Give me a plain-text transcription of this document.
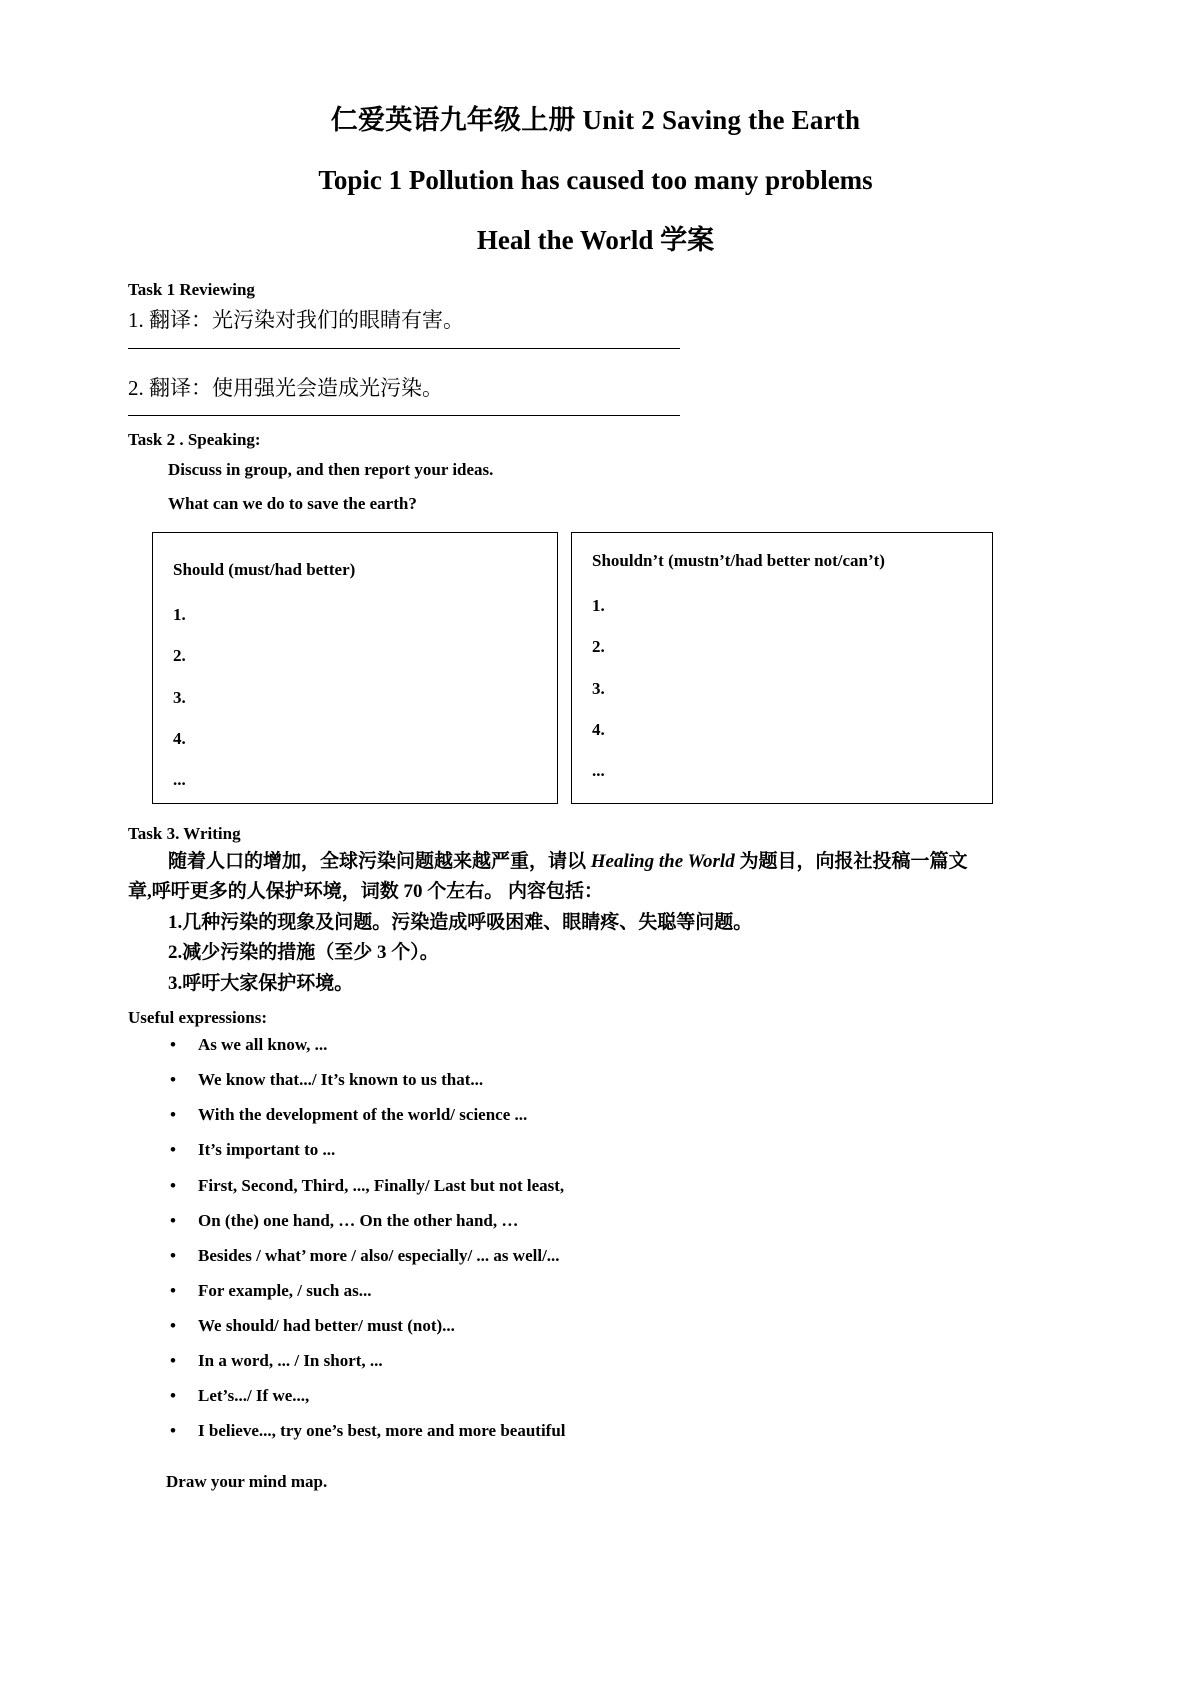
仁爱英语九年级上册 Unit 2 Saving the Earth
Topic 1 Pollution has caused too many problems
Heal the World 学案
Task 1 Reviewing
1. 翻译：光污染对我们的眼睛有害。
2. 翻译：使用强光会造成光污染。
Task 2 . Speaking:
Discuss in group, and then report your ideas.
What can we do to save the earth?
Should (must/had better)
1.
2.
3.
4.
...
Shouldn’t (mustn’t/had better not/can’t)
1.
2.
3.
4.
...
Task 3. Writing

随着人口的增加，全球污染问题越来越严重，请以 Healing the World 为题目，向报社投稿一篇文

章,呼吁更多的人保护环境，词数 70 个左右。 内容包括：

1.几种污染的现象及问题。污染造成呼吸困难、眼睛疼、失聪等问题。
2.减少污染的措施（至少 3 个）。
3.呼吁大家保护环境。
Useful expressions:
• As we all know, ...
• We know that.../ It’s known to us that...
• With the development of the world/ science ...
• It’s important to ...
• First, Second, Third, ..., Finally/ Last but not least,
• On (the) one hand, … On the other hand, …
• Besides / what’ more / also/ especially/ ... as well/...
• For example, / such as...
• We should/ had better/ must (not)...
• In a word, ... / In short, ...
• Let’s.../ If we...,
• I believe..., try one’s best, more and more beautiful
Draw your mind map.
